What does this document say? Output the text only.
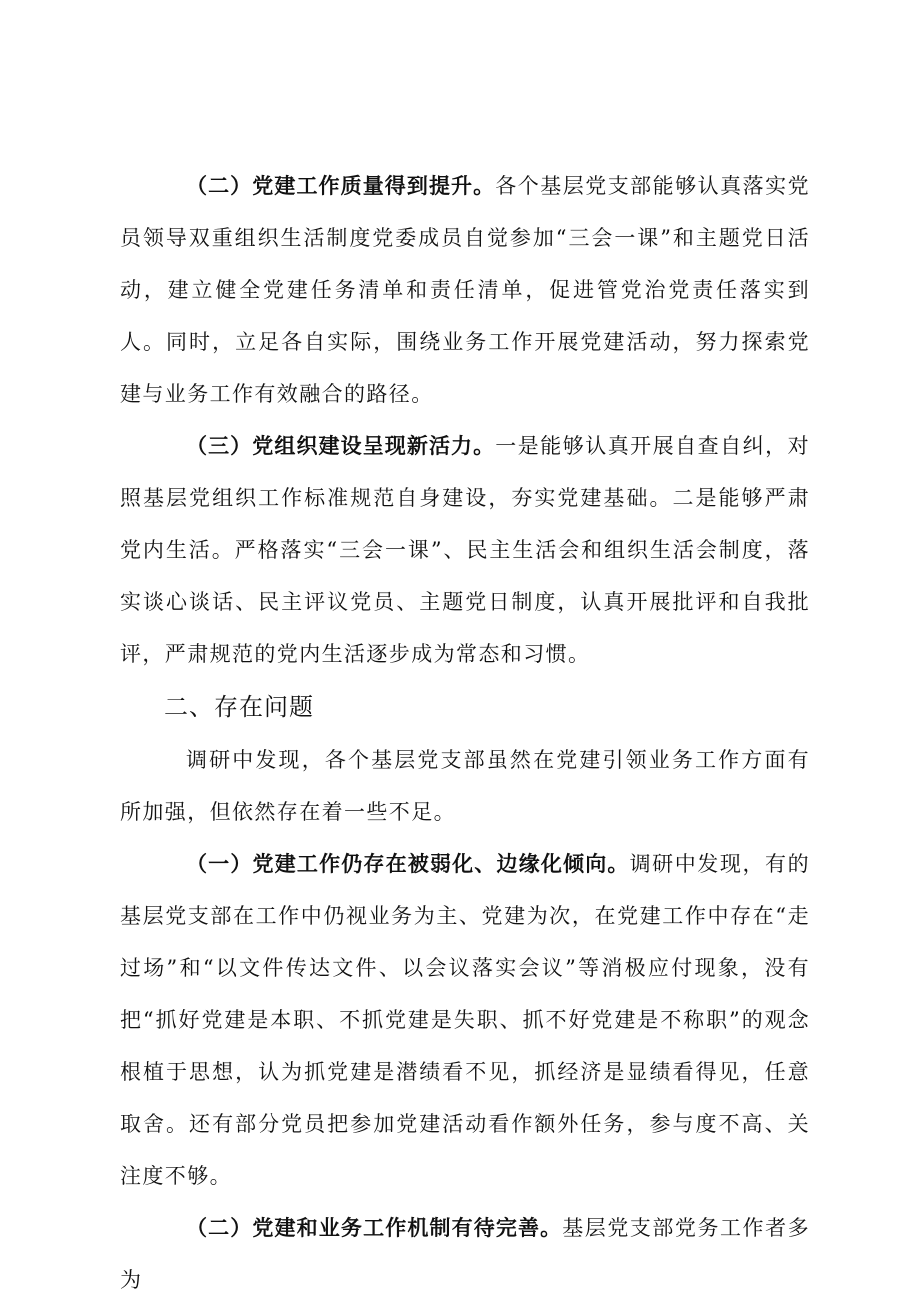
（二）党建工作质量得到提升。各个基层党支部能够认真落实党员领导双重组织生活制度党委成员自觉参加“三会一课”和主题党日活动，建立健全党建任务清单和责任清单，促进管党治党责任落实到人。同时，立足各自实际，围绕业务工作开展党建活动，努力探索党建与业务工作有效融合的路径。

（三）党组织建设呈现新活力。一是能够认真开展自查自纠，对照基层党组织工作标准规范自身建设，夯实党建基础。二是能够严肃党内生活。严格落实“三会一课”、民主生活会和组织生活会制度，落实谈心谈话、民主评议党员、主题党日制度，认真开展批评和自我批评，严肃规范的党内生活逐步成为常态和习惯。

二、存在问题

调研中发现，各个基层党支部虽然在党建引领业务工作方面有所加强，但依然存在着一些不足。

（一）党建工作仍存在被弱化、边缘化倾向。调研中发现，有的基层党支部在工作中仍视业务为主、党建为次，在党建工作中存在“走过场”和“以文件传达文件、以会议落实会议”等消极应付现象，没有把“抓好党建是本职、不抓党建是失职、抓不好党建是不称职”的观念根植于思想，认为抓党建是潜绩看不见，抓经济是显绩看得见，任意取舍。还有部分党员把参加党建活动看作额外任务，参与度不高、关注度不够。

（二）党建和业务工作机制有待完善。基层党支部党务工作者多为
